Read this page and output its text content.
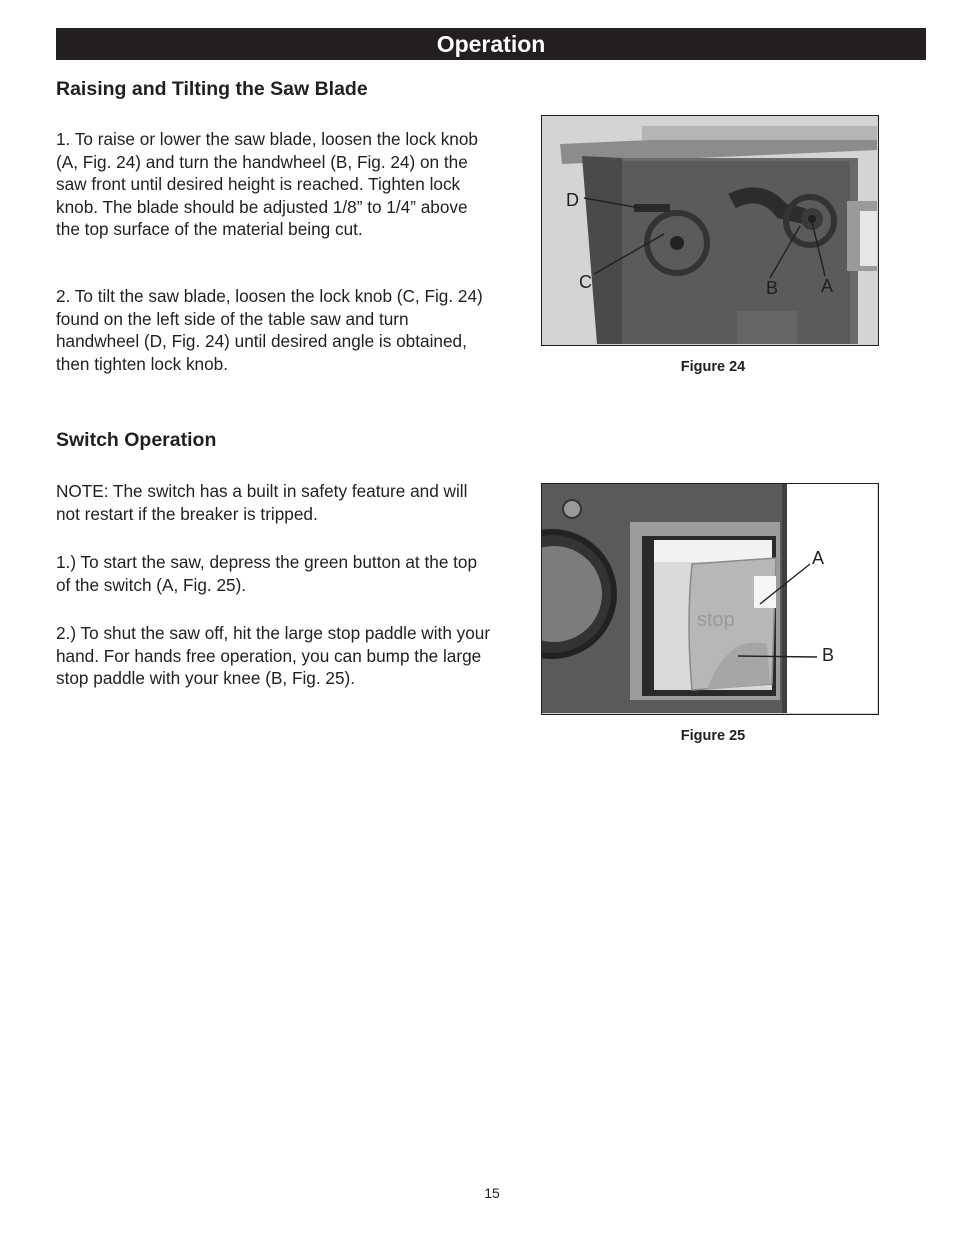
Operation
Raising and Tilting the Saw Blade

1. To raise or lower the saw blade, loosen the lock knob (A, Fig. 24) and turn the handwheel (B, Fig. 24) on the saw front until desired height is reached. Tighten lock knob. The blade should be adjusted 1/8” to 1/4” above the top surface of the material being cut.

2. To tilt the saw blade, loosen the lock knob (C, Fig. 24) found on the left side of the table saw and turn handwheel (D, Fig. 24) until desired angle is obtained, then tighten lock knob.

D
C	B A

Figure 24

Switch Operation

NOTE: The switch has a built in safety feature and will not restart if the breaker is tripped.

1.) To start the saw, depress the green button at the top of the switch (A, Fig. 25).

2.) To shut the saw off, hit the large stop paddle with your hand. For hands free operation, you can bump the large stop paddle with your knee (B, Fig. 25).

stop
A
B

Figure 25

15
